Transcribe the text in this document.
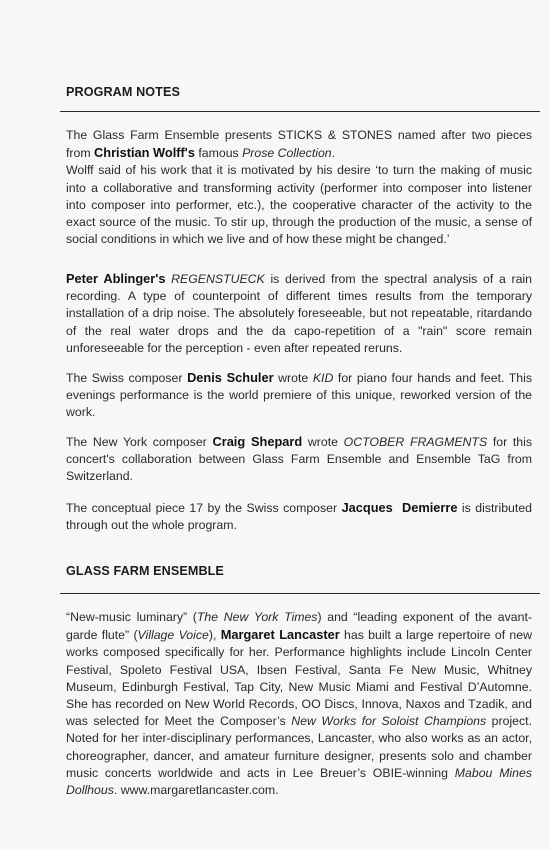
PROGRAM NOTES

The Glass Farm Ensemble presents STICKS & STONES named after two pieces from Christian Wolff's famous Prose Collection.
Wolff said of his work that it is motivated by his desire ‘to turn the making of music into a collaborative and transforming activity (performer into composer into listener into composer into performer, etc.), the cooperative character of the activity to the exact source of the music. To stir up, through the production of the music, a sense of social conditions in which we live and of how these might be changed.’

Peter Ablinger's REGENSTUECK is derived from the spectral analysis of a rain recording. A type of counterpoint of different times results from the temporary installation of a drip noise. The absolutely foreseeable, but not repeatable, ritardando of the real water drops and the da capo-repetition of a "rain" score remain unforeseeable for the perception - even after repeated reruns.

The Swiss composer Denis Schuler wrote KID for piano four hands and feet. This evenings performance is the world premiere of this unique, reworked version of the work.

The New York composer Craig Shepard wrote OCTOBER FRAGMENTS for this concert's collaboration between Glass Farm Ensemble and Ensemble TaG from Switzerland.

The conceptual piece 17 by the Swiss composer Jacques  Demierre is distributed through out the whole program.

GLASS FARM ENSEMBLE

“New-music luminary” (The New York Times) and “leading exponent of the avant-garde flute” (Village Voice), Margaret Lancaster has built a large repertoire of new works composed specifically for her. Performance highlights include Lincoln Center Festival, Spoleto Festival USA, Ibsen Festival, Santa Fe New Music, Whitney Museum, Edinburgh Festival, Tap City, New Music Miami and Festival D’Automne. She has recorded on New World Records, OO Discs, Innova, Naxos and Tzadik, and was selected for Meet the Composer’s New Works for Soloist Champions project. Noted for her inter-disciplinary performances, Lancaster, who also works as an actor, choreographer, dancer, and amateur furniture designer, presents solo and chamber music concerts worldwide and acts in Lee Breuer’s OBIE-winning Mabou Mines Dollhous. www.margaretlancaster.com.
